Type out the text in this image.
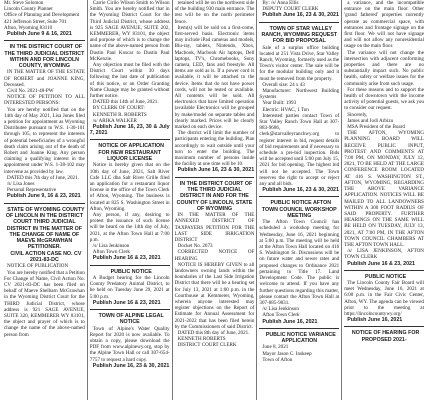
Mr. Steve Solomon

Lincoln County Planner

Office of Planning and Development

421 Jefferson Street, Suite 701

Afton, Wyoming 83110

Publish June 9 & 16, 2021

IN THE DISTRICT COURT OF THE THIRD JUDICIAL DISTRICT WITHIN AND FOR LINCOLN COUNTY, WYOMING

IN THE MATTER OF THE ESTATE OF ROBERT and JOANNE KING, Deceased.

Civil No. 2021-48-PW

NOTICE OF PETITION TO ALL INTERESTED PERSONS:

You are hereby notified that on the 14th day of May 2021, Lisa Jones filed a petition for appointment as Wyoming Distributee pursuant to W.S. 1-30-101 through 105, to represent the interests of potential beneficiaries of a wrongful death claim arising out of the death of Robert and Joanne King. Any person claiming a qualifying interest in the appointment under W.S. 1-38-102 may intervene as provided by law.

DATED this 7th day of June, 2021.

/s/ Lisa Jones

Personal Representative

Publish June 9, 16 & 23, 2021

STATE OF WYOMING COUNTY OF LINCOLN IN THE DISTRICT COURT THIRD JUDICIAL DISTRICT IN THE MATTER OF THE CHANGE OF NAME OF MAEVE McGRAWHAN PETITIONER.

CIVIL ACTION CASE NO. CV 2021-83-DC

NOTICE OF PUBLICATION

You are hereby notified that a Petition For Change of Name, Civil Action No. CV 2021-83-DC has been filed on behalf of Maeve Shelbarn McGrawhan in the Wyoming District Court for the THIRD Judicial District, whose address is 921 SAGE AVENUE, SUITE 320, KEMMERER WY 83101, the object and prayer of which is to change the name of the above-named person from

Carrie Cirilo Wilson Smith to Wilson Smith. You are hereby notified that in the Wyoming District Court for the Third Judicial District, whose address is 925 SAGE AVENUE, SUITE 202, KEMMERER, WY 83101, the object and purpose of which is to change the name of the above-named person from Dustin Paul Koscar to Dustin Paul McKenzie.

Any objection must be filed with the District Court within 30 days following the last date of publication of this notice, or an Order Granting Name Change may be granted without further notice.

DATED this 14th of June, 2021.

BY CLERK OF COURT:

KENNETH R. ROBERTS

/s/ ARIKA WALKER

Publish June 16, 23, 30 & July 7, 2021

NOTICE OF APPLICATION FOR NEW RESTAURANT LIQUOR LICENSE

Notice is hereby given that on the 10th day of June, 2021, Salt River Cafe LLC dba Salt River Grille filed an application for a restaurant liquor license in the office of the Town Clerk of Afton, Wyoming. The business is located at 825 S. Washington Street in Afton, Wyoming.

Any person, if any, desiring to protest the issuance of such license will be heard on the 14th day of July, 2021, at the Afton Town Hall at 7:00 p.m.

/s/ Lisa Jenkinson

Afton Town Clerk

Publish June 16 & 23, 2021

PUBLIC NOTICE

A Budget hearing for the Lincoln County Predatory Animal District, to be held on Tuesday June 29, 2021 at 5:00 p.m.

Publish June 16 & 23, 2021

TOWN OF ALPINE LEGAL NOTICE

Town of Alpine's Water Quality Report for 2020 is now available. To obtain a copy, please download the PDF from www.alpinewy.org, stop by the Alpine Town Hall or call 307-654-7757 to request a hard copy.

Publish June 16, 23 & 30, 2021

retained will be on the northwest side of the building 930 main entrance. The rest will be on the north perimeter fence.

Item(s) will be sold on a first-come, first-served basis. Electronic items may include iPad cameras and models, Blu-ray, tablets, Nintendo, Xbox, Macbook, Macbook Air laptops, Dell laptops, TV's, Chromebooks, Sony camera, LED, fans and freestyle. All items are sold as is. If a power cord is available, it will be attached to the device. Items that do not have power cords, will not be tested or available. All contents will be sold. All electronics that have limited operation (available Electronics will be grouped by make/model on separate tables and clearly marked. Prices will be clearly marked on each device.

The district will limit the number of participants entering the building. Plan accordingly to wait outside until your turn to enter the building. The maximum number of persons inside the facility at one time will be 10.

Publish June 16, 23 & 30, 2021

IN THE DISTRICT COURT OF THE THIRD JUDICIAL DISTRICT IN AND FOR THE COUNTY OF LINCOLN, STATE OF WYOMING

IN THE MATTER OF THE ANNEXED DISTRICT OF TAXPAYERS PETITION FOR THE LAST SIDE IRRIGATION DISTRICT

Docket No. 2673

CORRECTED NOTICE OF HEARING

NOTICE IS HEREBY GIVEN to all landowners owning lands within the boundaries of the Last Side Irrigation District that there will be a hearing set for July 13, 2021 at 1:00 p.m. in the Courthouse at Kemmerer, Wyoming, wherein anyone interested may register objections on the Report of Estimate for Annual Assessment for 2021-2022 that has been filed herein by the Commissioners of said District.

DATED this 8th day of June, 2021.

KENNETH ROBERTS

DISTRICT COURT CLERK

By: /s/ Anna Ellis

DEPUTY COURT CLERK

Publish June 16, 23 & 30, 2021

TOWN OF STAR VALLEY RANCH, WYOMING REQUEST FOR BID PROPOSAL

Sale of a surplus office building located at 251 Vista Drive, Star Valley Ranch, Wyoming, formerly used as the Town's visitor center. The sale will be for the modular building only and it must be removed from the property.

Overall size: 24 x 43

Manufacturer: Northwest Building Systems

Year Built: 1993

Electric: HVAC, 1 Ton

Interested parties contact Town of Star Valley Ranch Town Hall at 307-883-9686, clerk@starvalleyranchwy.org to register interest in bid, request details of bid requirements and if necessary to schedule a pre-bid inspection. Bids will be accepted until 5:00 pm July 15, 2021 for bid opening. The highest bid will not be accepted. The Town reserves the right to accept or reject any and all bids.

Publish June 16, 23 & 30, 2021

PUBLIC NOTICE AFTON TOWN COUNCIL WORKSHOP MEETING

The Afton Town Council has scheduled a workshop meeting for Wednesday, June 16, 2021 beginning at 5:00 p.m. The meeting will be held at the Afton Town Hall located on 416 S. Washington St. Discussions will be on future water and sewer rates and proposed changes to Ordinance 2021 pertaining to Title 17. Land Development Code. The public is welcome to attend. If you have any further questions regarding this matter, please contact the Afton Town Hall at 307-885-9831.

/s/ Lisa Jenkinson

Afton Town Clerk

Publish June 16, 2021

PUBLIC NOTICE VARIANCE APPLICATION

June 8, 2021

Mayor Jason C. Inskeep

Town of Afton

a variance, and the incompatible entrance on the main floor. Other 'grand fathered' properties currently operate as commercial space, with entrances and frontage signage on the first floor. We will not have signage and will not allow any nonresidential usage on the main floor.

The variance will not change the intersection with adjacent conforming properties and there are no substantially impact such. No public health, safety or welfare issues for the community arise from such usage.

For these reasons and to support the health of downtown with the income activity of potential guests, we ask you to consider our request.

Sincerely,

James and Jodi Arbizu

MSA President of the Board

THE AFTON, WYOMING PLANNING BOARD WILL RECEIVE PUBLIC INPUT, PROTEST AND COMMENTS AT 7:00 PM, ON MONDAY, JULY 12, 2021, TO BE HELD AT THE LARGE CONFERENCE ROOM LOCATED AT 416 S. WASHINGTON ST., AFTON, WYOMING, REGARDING THE ABOVE VARIANCE APPLICATION. NOTICES WILL BE MAILED TO ALL LANDOWNERS WITHIN A 300 FOOT RADIUS OF SAID PROPERTY. FURTHER HEARINGS ON THE SAME WILL BE HELD ON TUESDAY, JULY 13, 2021, AT 7:00 PM, IN THE AFTON TOWN COUNCIL CHAMBERS AT THE AFTON TOWN HALL.

/s/ LISA JENKINSON, AFTON TOWN CLERK

Publish June 16 & 23, 2021

PUBLIC NOTICE

The Lincoln County Fair Board will meet Wednesday, June 16, 2021 at 6:00 p.m. in the Fair Civic Center, Afton, WY. The agenda can be viewed prior to the meeting at https://lincolncountywy.org/

Publish June 16, 2021

NOTICE OF HEARING FOR PROPOSED 2021-
